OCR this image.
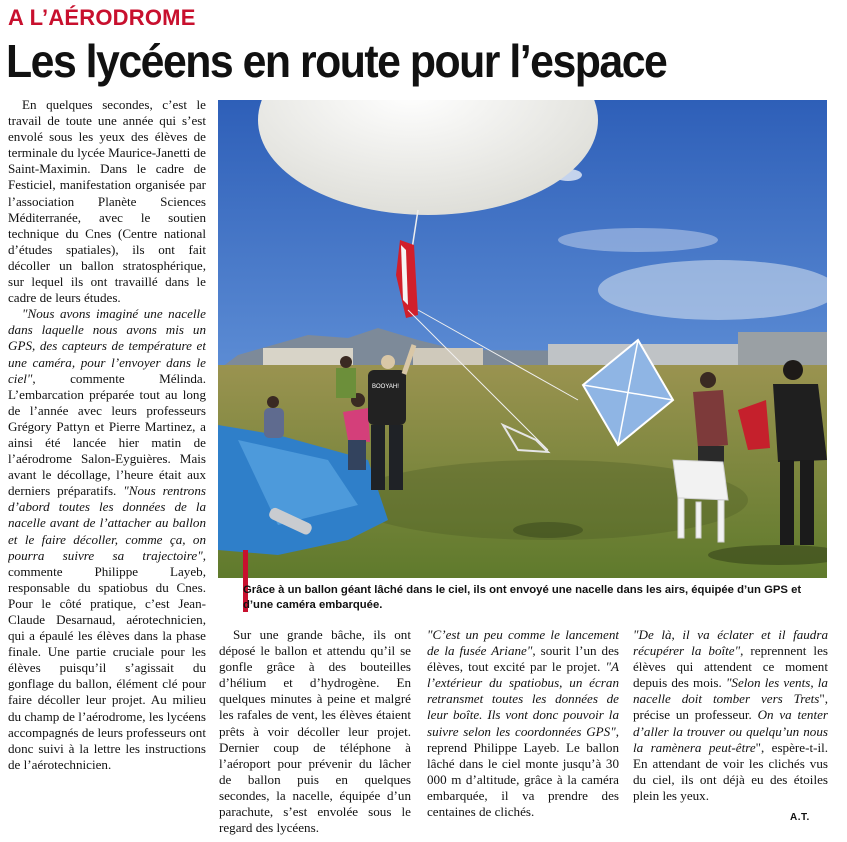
A L’AÉRODROME
Les lycéens en route pour l’espace

En quelques secondes, c’est le travail de toute une année qui s’est envolé sous les yeux des élèves de terminale du lycée Maurice-Janetti de Saint-Maximin. Dans le cadre de Festiciel, manifestation organisée par l’association Planète Sciences Méditerranée, avec le soutien technique du Cnes (Centre national d’études spatiales), ils ont fait décoller un ballon stratosphérique, sur lequel ils ont travaillé dans le cadre de leurs études.

"Nous avons imaginé une nacelle dans laquelle nous avons mis un GPS, des capteurs de température et une caméra, pour l’envoyer dans le ciel", commente Mélinda. L’embarcation préparée tout au long de l’année avec leurs professeurs Grégory Pattyn et Pierre Martinez, a ainsi été lancée hier matin de l’aérodrome Salon-Eyguières. Mais avant le décollage, l’heure était aux derniers préparatifs. "Nous rentrons d’abord toutes les données de la nacelle avant de l’attacher au ballon et le faire décoller, comme ça, on pourra suivre sa trajectoire", commente Philippe Layeb, responsable du spatiobus du Cnes. Pour le côté pratique, c’est Jean-Claude Desarnaud, aérotechnicien, qui a épaulé les élèves dans la phase finale. Une partie cruciale pour les élèves puisqu’il s’agissait du gonflage du ballon, élément clé pour faire décoller leur projet. Au milieu du champ de l’aérodrome, les lycéens accompagnés de leurs professeurs ont donc suivi à la lettre les instructions de l’aérotechnicien.

BOOYAH!
Grâce à un ballon géant lâché dans le ciel, ils ont envoyé une nacelle dans les airs, équipée d’un GPS et d’une caméra embarquée.

Sur une grande bâche, ils ont déposé le ballon et attendu qu’il se gonfle grâce à des bouteilles d’hélium et d’hydrogène. En quelques minutes à peine et malgré les rafales de vent, les élèves étaient prêts à voir décoller leur projet. Dernier coup de téléphone à l’aéroport pour prévenir du lâcher de ballon puis en quelques secondes, la nacelle, équipée d’un parachute, s’est envolée sous le regard des lycéens.

"C’est un peu comme le lancement de la fusée Ariane", sourit l’un des élèves, tout excité par le projet. "A l’extérieur du spatiobus, un écran retransmet toutes les données de leur boîte. Ils vont donc pouvoir la suivre selon les coordonnées GPS", reprend Philippe Layeb. Le ballon lâché dans le ciel monte jusqu’à 30 000 m d’altitude, grâce à la caméra embarquée, il va prendre des centaines de clichés.

"De là, il va éclater et il faudra récupérer la boîte", reprennent les élèves qui attendent ce moment depuis des mois. "Selon les vents, la nacelle doit tomber vers Trets", précise un professeur. On va tenter d’aller la trouver ou quelqu’un nous la ramènera peut-être", espère-t-il. En attendant de voir les clichés vus du ciel, ils ont déjà eu des étoiles plein les yeux.

A.T.
